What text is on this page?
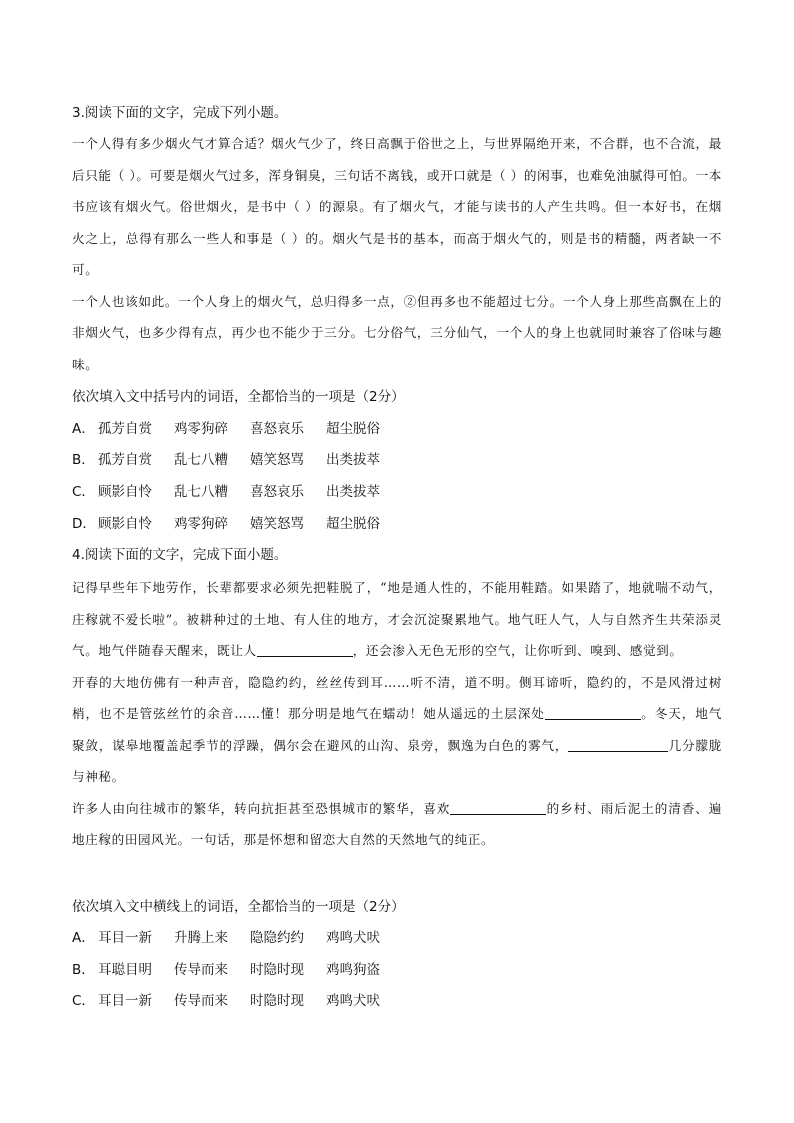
3.阅读下面的文字，完成下列小题。

一个人得有多少烟火气才算合适？烟火气少了，终日高飘于俗世之上，与世界隔绝开来，不合群，也不合流，最后只能（ ）。可要是烟火气过多，浑身铜臭，三句话不离钱，或开口就是（ ）的闲事，也难免油腻得可怕。一本书应该有烟火气。俗世烟火，是书中（ ）的源泉。有了烟火气，才能与读书的人产生共鸣。但一本好书，在烟火之上，总得有那么一些人和事是（ ）的。烟火气是书的基本，而高于烟火气的，则是书的精髓，两者缺一不可。

一个人也该如此。一个人身上的烟火气，总归得多一点，②但再多也不能超过七分。一个人身上那些高飘在上的非烟火气，也多少得有点，再少也不能少于三分。七分俗气，三分仙气，一个人的身上也就同时兼容了俗味与趣味。

依次填入文中括号内的词语，全都恰当的一项是（2分）
A． 孤芳自赏 鸡零狗碎 喜怒哀乐 超尘脱俗
B． 孤芳自赏 乱七八糟 嬉笑怒骂 出类拔萃
C． 顾影自怜 乱七八糟 喜怒哀乐 出类拔萃
D． 顾影自怜 鸡零狗碎 嬉笑怒骂 超尘脱俗
4.阅读下面的文字，完成下面小题。

记得早些年下地劳作，长辈都要求必须先把鞋脱了，“地是通人性的，不能用鞋踏。如果踏了，地就喘不动气，庄稼就不爱长啦”。被耕种过的土地、有人住的地方，才会沉淀聚累地气。地气旺人气，人与自然齐生共荣添灵气。地气伴随春天醒来，既让人	，还会渗入无色无形的空气，让你听到、嗅到、感觉到。

开春的大地仿佛有一种声音，隐隐约约，丝丝传到耳……听不清，道不明。侧耳谛听，隐约的，不是风滑过树梢，也不是管弦丝竹的余音……懂！那分明是地气在蠕动！她从遥远的土层深处	。冬天，地气聚敛，谋皋地覆盖起季节的浮躁，偶尔会在避风的山沟、泉旁，飘逸为白色的雾气，	几分朦胧与神秘。

许多人由向往城市的繁华，转向抗拒甚至恐惧城市的繁华，喜欢	的乡村、雨后泥土的清香、遍地庄稼的田园风光。一句话，那是怀想和留恋大自然的天然地气的纯正。

依次填入文中横线上的词语，全都恰当的一项是（2分）
A． 耳目一新 升腾上来 隐隐约约 鸡鸣犬吠
B． 耳聪目明 传导而来 时隐时现 鸡鸣狗盗
C． 耳目一新 传导而来 时隐时现 鸡鸣犬吠
